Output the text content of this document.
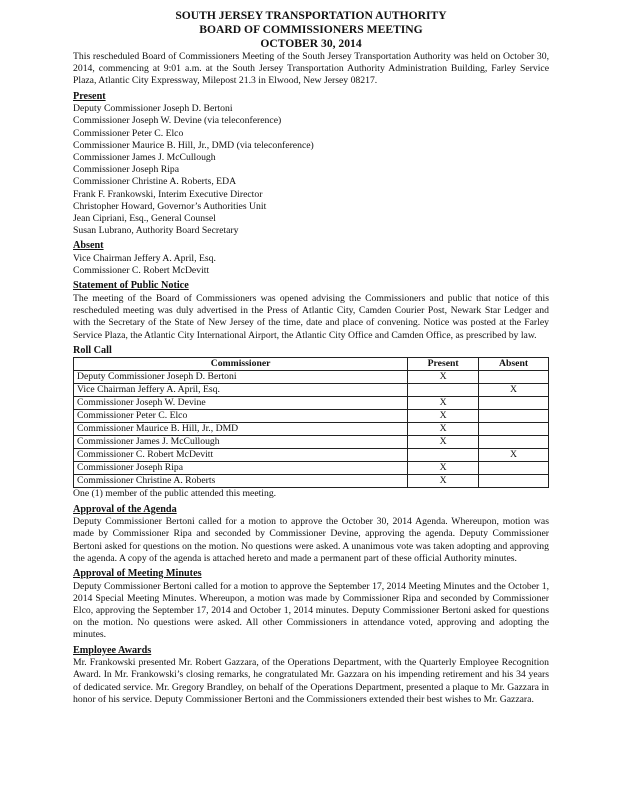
SOUTH JERSEY TRANSPORTATION AUTHORITY
BOARD OF COMMISSIONERS MEETING
OCTOBER 30, 2014

This rescheduled Board of Commissioners Meeting of the South Jersey Transportation Authority was held on October 30, 2014, commencing at 9:01 a.m. at the South Jersey Transportation Authority Administration Building, Farley Service Plaza, Atlantic City Expressway, Milepost 21.3 in Elwood, New Jersey 08217.

Present
Deputy Commissioner Joseph D. Bertoni
Commissioner Joseph W. Devine (via teleconference)
Commissioner Peter C. Elco
Commissioner Maurice B. Hill, Jr., DMD (via teleconference)
Commissioner James J. McCullough
Commissioner Joseph Ripa
Commissioner Christine A. Roberts, EDA
Frank F. Frankowski, Interim Executive Director
Christopher Howard, Governor’s Authorities Unit
Jean Cipriani, Esq., General Counsel
Susan Lubrano, Authority Board Secretary
Absent
Vice Chairman Jeffery A. April, Esq.
Commissioner C. Robert McDevitt
Statement of Public Notice

The meeting of the Board of Commissioners was opened advising the Commissioners and public that notice of this rescheduled meeting was duly advertised in the Press of Atlantic City, Camden Courier Post, Newark Star Ledger and with the Secretary of the State of New Jersey of the time, date and place of convening. Notice was posted at the Farley Service Plaza, the Atlantic City International Airport, the Atlantic City Office and Camden Office, as prescribed by law.

Roll Call
Commissioner	Present	Absent
Deputy Commissioner Joseph D. Bertoni	X	
Vice Chairman Jeffery A. April, Esq.		X
Commissioner Joseph W. Devine	X	
Commissioner Peter C. Elco	X	
Commissioner Maurice B. Hill, Jr., DMD	X	
Commissioner James J. McCullough	X	
Commissioner C. Robert McDevitt		X
Commissioner Joseph Ripa	X	
Commissioner Christine A. Roberts	X	

One (1) member of the public attended this meeting.

Approval of the Agenda

Deputy Commissioner Bertoni called for a motion to approve the October 30, 2014 Agenda. Whereupon, motion was made by Commissioner Ripa and seconded by Commissioner Devine, approving the agenda. Deputy Commissioner Bertoni asked for questions on the motion. No questions were asked. A unanimous vote was taken adopting and approving the agenda. A copy of the agenda is attached hereto and made a permanent part of these official Authority minutes.

Approval of Meeting Minutes

Deputy Commissioner Bertoni called for a motion to approve the September 17, 2014 Meeting Minutes and the October 1, 2014 Special Meeting Minutes. Whereupon, a motion was made by Commissioner Ripa and seconded by Commissioner Elco, approving the September 17, 2014 and October 1, 2014 minutes. Deputy Commissioner Bertoni asked for questions on the motion. No questions were asked. All other Commissioners in attendance voted, approving and adopting the minutes.

Employee Awards

Mr. Frankowski presented Mr. Robert Gazzara, of the Operations Department, with the Quarterly Employee Recognition Award. In Mr. Frankowski’s closing remarks, he congratulated Mr. Gazzara on his impending retirement and his 34 years of dedicated service. Mr. Gregory Brandley, on behalf of the Operations Department, presented a plaque to Mr. Gazzara in honor of his service. Deputy Commissioner Bertoni and the Commissioners extended their best wishes to Mr. Gazzara.
